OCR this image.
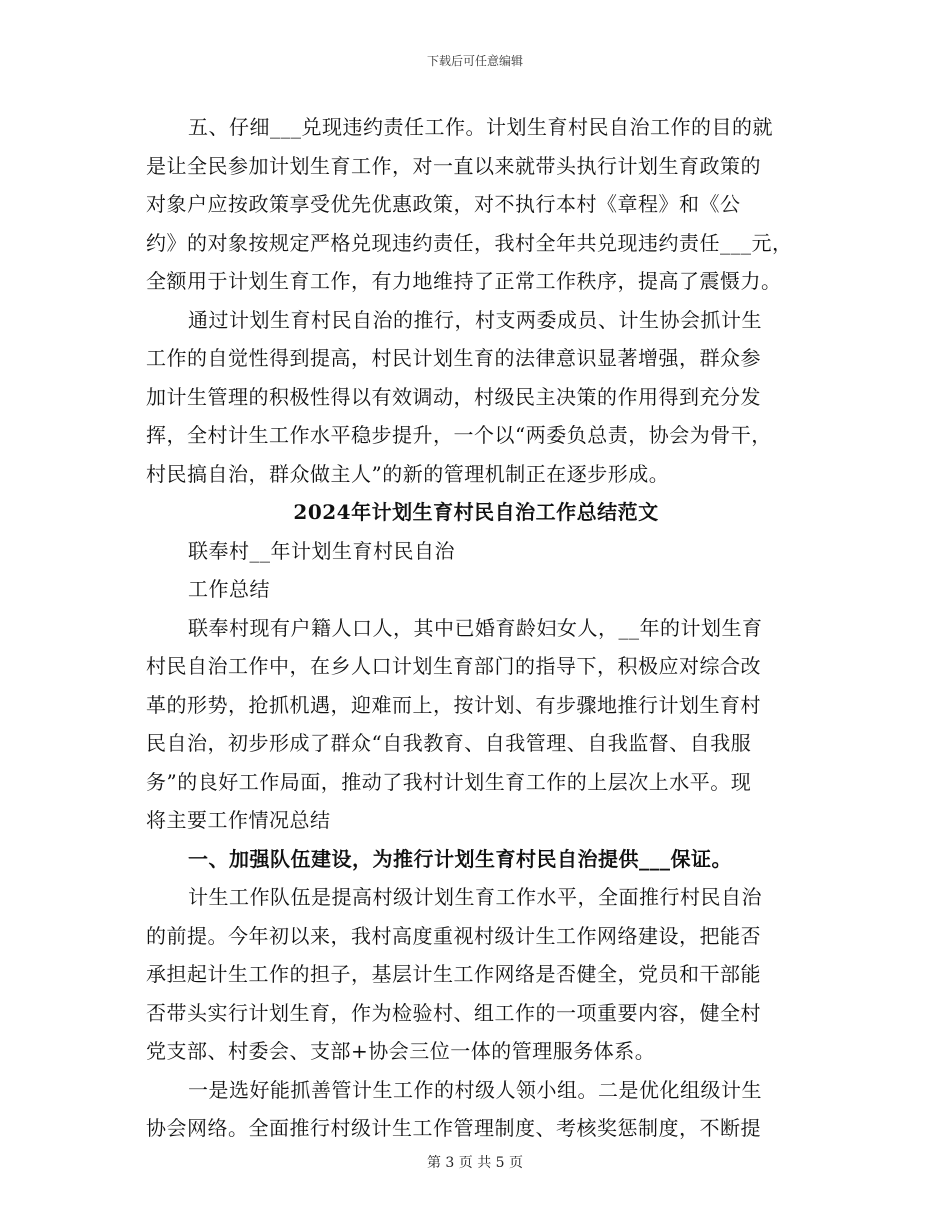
下载后可任意编辑
五、仔细___兑现违约责任工作。计划生育村民自治工作的目的就
是让全民参加计划生育工作，对一直以来就带头执行计划生育政策的
对象户应按政策享受优先优惠政策，对不执行本村《章程》和《公
约》的对象按规定严格兑现违约责任，我村全年共兑现违约责任___元，
全额用于计划生育工作，有力地维持了正常工作秩序，提高了震慑力。
通过计划生育村民自治的推行，村支两委成员、计生协会抓计生
工作的自觉性得到提高，村民计划生育的法律意识显著增强，群众参
加计生管理的积极性得以有效调动，村级民主决策的作用得到充分发
挥，全村计生工作水平稳步提升，一个以“两委负总责，协会为骨干，
村民搞自治，群众做主人”的新的管理机制正在逐步形成。
2024年计划生育村民自治工作总结范文
联奉村__年计划生育村民自治
工作总结
联奉村现有户籍人口人，其中已婚育龄妇女人，__年的计划生育
村民自治工作中，在乡人口计划生育部门的指导下，积极应对综合改
革的形势，抢抓机遇，迎难而上，按计划、有步骤地推行计划生育村
民自治，初步形成了群众“自我教育、自我管理、自我监督、自我服
务”的良好工作局面，推动了我村计划生育工作的上层次上水平。现
将主要工作情况总结
一、加强队伍建设，为推行计划生育村民自治提供___保证。
计生工作队伍是提高村级计划生育工作水平，全面推行村民自治
的前提。今年初以来，我村高度重视村级计生工作网络建设，把能否
承担起计生工作的担子，基层计生工作网络是否健全，党员和干部能
否带头实行计划生育，作为检验村、组工作的一项重要内容，健全村
党支部、村委会、支部+协会三位一体的管理服务体系。
一是选好能抓善管计生工作的村级人领小组。二是优化组级计生
协会网络。全面推行村级计生工作管理制度、考核奖惩制度，不断提
第 3 页 共 5 页
